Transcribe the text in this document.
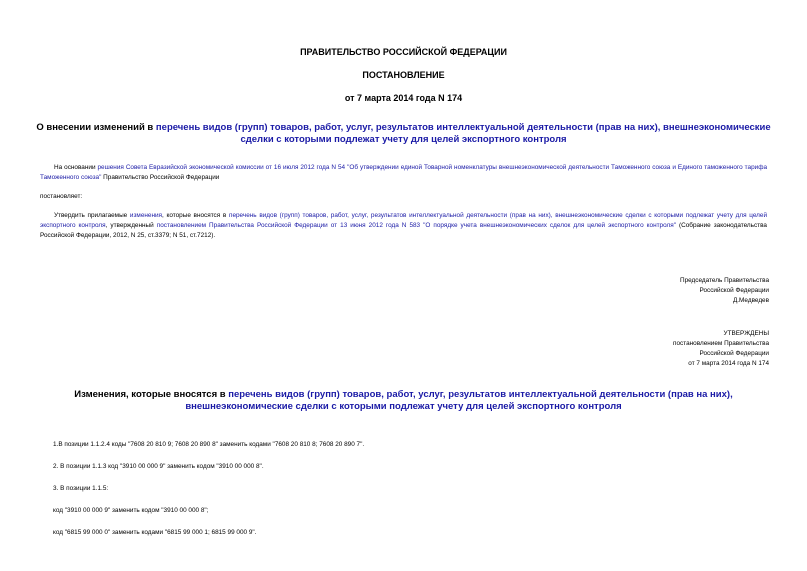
ПРАВИТЕЛЬСТВО РОССИЙСКОЙ ФЕДЕРАЦИИ
ПОСТАНОВЛЕНИЕ
от 7 марта 2014 года N 174
О внесении изменений в перечень видов (групп) товаров, работ, услуг, результатов интеллектуальной деятельности (прав на них), внешнеэкономические сделки с которыми подлежат учету для целей экспортного контроля
На основании решения Совета Евразийской экономической комиссии от 16 июля 2012 года N 54 "Об утверждении единой Товарной номенклатуры внешнеэкономической деятельности Таможенного союза и Единого таможенного тарифа Таможенного союза" Правительство Российской Федерации
постановляет:
Утвердить прилагаемые изменения, которые вносятся в перечень видов (групп) товаров, работ, услуг, результатов интеллектуальной деятельности (прав на них), внешнеэкономические сделки с которыми подлежат учету для целей экспортного контроля, утвержденный постановлением Правительства Российской Федерации от 13 июня 2012 года N 583 "О порядке учета внешнеэкономических сделок для целей экспортного контроля" (Собрание законодательства Российской Федерации, 2012, N 25, ст.3379; N 51, ст.7212).
Председатель Правительства
Российской Федерации
Д.Медведев
УТВЕРЖДЕНЫ
постановлением Правительства
Российской Федерации
от 7 марта 2014 года N 174
Изменения, которые вносятся в перечень видов (групп) товаров, работ, услуг, результатов интеллектуальной деятельности (прав на них), внешнеэкономические сделки с которыми подлежат учету для целей экспортного контроля
1.В позиции 1.1.2.4 коды "7608 20 810 9; 7608 20 890 8" заменить кодами "7608 20 810 8; 7608 20 890 7".
2. В позиции 1.1.3 код "3910 00 000 9" заменить кодом "3910 00 000 8".
3. В позиции 1.1.5:
код "3910 00 000 9" заменить кодом "3910 00 000 8";
код "6815 99 000 0" заменить кодами "6815 99 000 1; 6815 99 000 9".
